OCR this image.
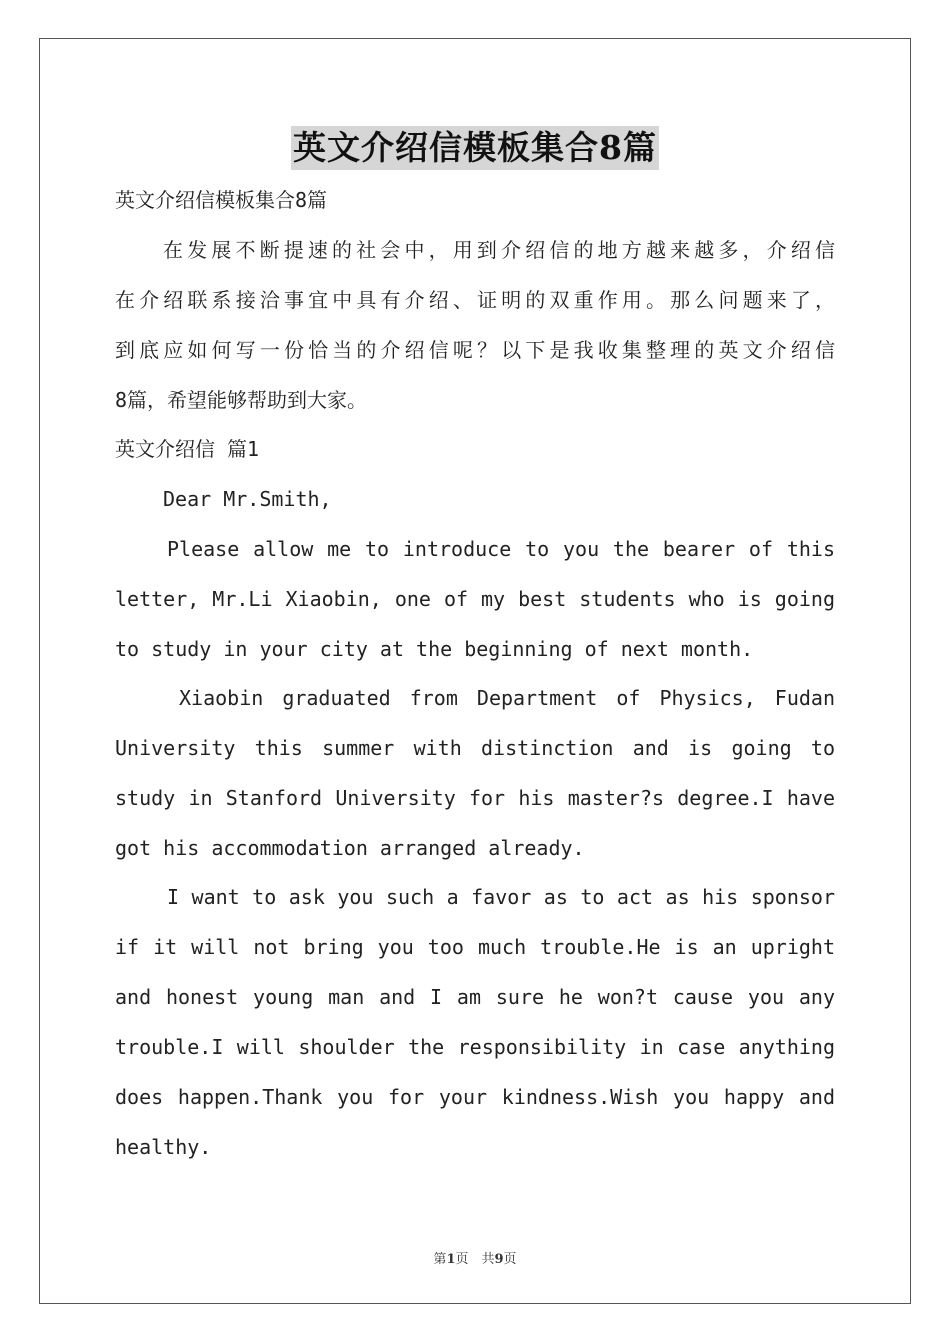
英文介绍信模板集合8篇
英文介绍信模板集合8篇
在发展不断提速的社会中，用到介绍信的地方越来越多，介绍信
在介绍联系接洽事宜中具有介绍、证明的双重作用。那么问题来了，
到底应如何写一份恰当的介绍信呢？以下是我收集整理的英文介绍信
8篇，希望能够帮助到大家。
英文介绍信 篇1
Dear Mr.Smith,
Please allow me to introduce to you the bearer of this
letter, Mr.Li Xiaobin, one of my best students who is going
to study in your city at the beginning of next month.
Xiaobin graduated from Department of Physics, Fudan
University this summer with distinction and is going to
study in Stanford University for his master?s degree.I have
got his accommodation arranged already.
I want to ask you such a favor as to act as his sponsor
if it will not bring you too much trouble.He is an upright
and honest young man and I am sure he won?t cause you any
trouble.I will shoulder the responsibility in case anything
does happen.Thank you for your kindness.Wish you happy and
healthy.
第1页　共9页
